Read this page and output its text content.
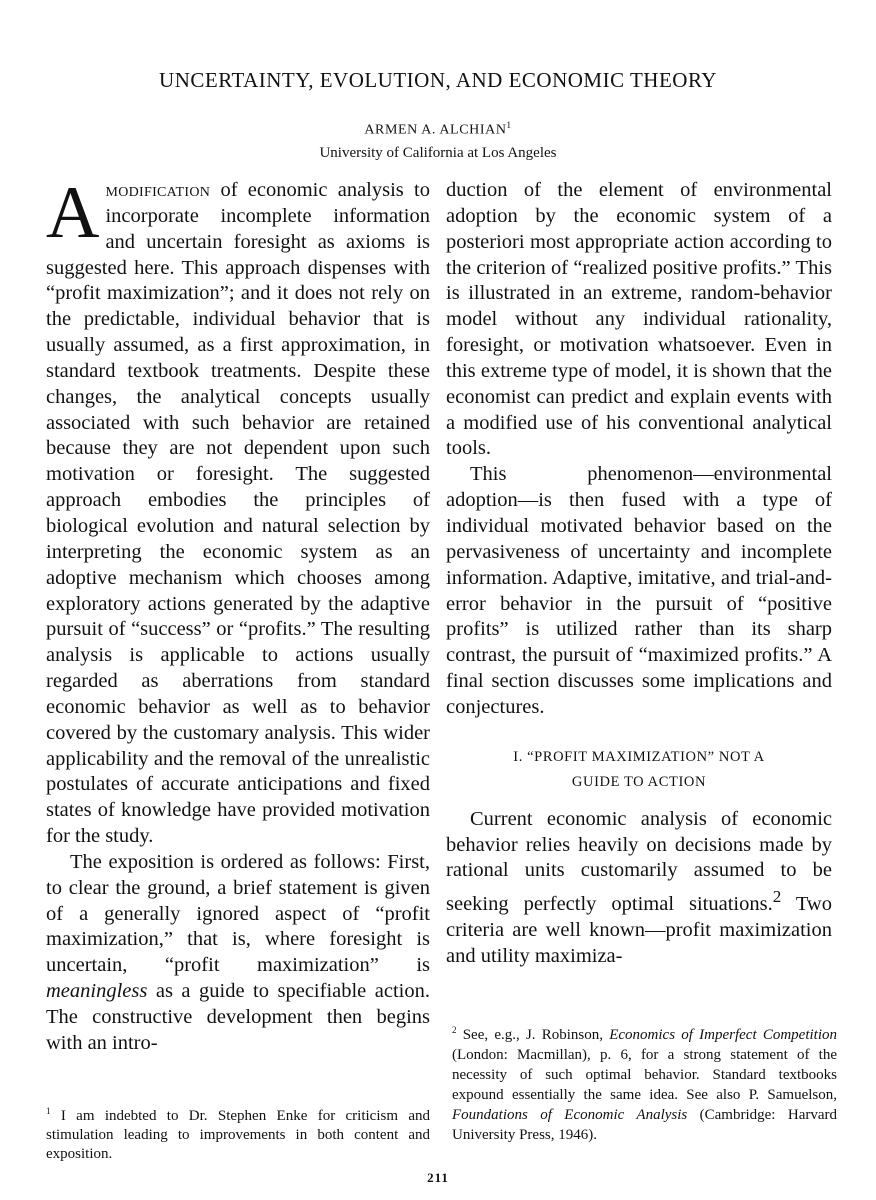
UNCERTAINTY, EVOLUTION, AND ECONOMIC THEORY
ARMEN A. ALCHIAN$^1$
University of California at Los Angeles

Amodification of economic analysis to incorporate incomplete information and uncertain foresight as axioms is suggested here. This approach dispenses with “profit maximization”; and it does not rely on the predictable, individual behavior that is usually assumed, as a first approximation, in standard textbook treatments. Despite these changes, the analytical concepts usually associated with such behavior are retained because they are not dependent upon such motivation or foresight. The suggested approach embodies the principles of biological evolution and natural selection by interpreting the economic system as an adoptive mechanism which chooses among exploratory actions generated by the adaptive pursuit of “success” or “profits.” The resulting analysis is applicable to actions usually regarded as aberrations from standard economic behavior as well as to behavior covered by the customary analysis. This wider applicability and the removal of the unrealistic postulates of accurate anticipations and fixed states of knowledge have provided motivation for the study.

The exposition is ordered as follows: First, to clear the ground, a brief statement is given of a generally ignored aspect of “profit maximization,” that is, where foresight is uncertain, “profit maximization” is meaningless as a guide to specifiable action. The constructive development then begins with an intro-

duction of the element of environmental adoption by the economic system of a posteriori most appropriate action according to the criterion of “realized positive profits.” This is illustrated in an extreme, random-behavior model without any individual rationality, foresight, or motivation whatsoever. Even in this extreme type of model, it is shown that the economist can predict and explain events with a modified use of his conventional analytical tools.

This phenomenon—environmental adoption—is then fused with a type of individual motivated behavior based on the pervasiveness of uncertainty and incomplete information. Adaptive, imitative, and trial-and-error behavior in the pursuit of “positive profits” is utilized rather than its sharp contrast, the pursuit of “maximized profits.” A final section discusses some implications and conjectures.

I. “PROFIT MAXIMIZATION” NOT A
GUIDE TO ACTION

Current economic analysis of economic behavior relies heavily on decisions made by rational units customarily assumed to be seeking perfectly optimal situations.$^2$ Two criteria are well known—profit maximization and utility maximiza-

$^1$ I am indebted to Dr. Stephen Enke for criticism and stimulation leading to improvements in both content and exposition.

$^2$ See, e.g., J. Robinson, Economics of Imperfect Competition (London: Macmillan), p. 6, for a strong statement of the necessity of such optimal behavior. Standard textbooks expound essentially the same idea. See also P. Samuelson, Foundations of Economic Analysis (Cambridge: Harvard University Press, 1946).

211
